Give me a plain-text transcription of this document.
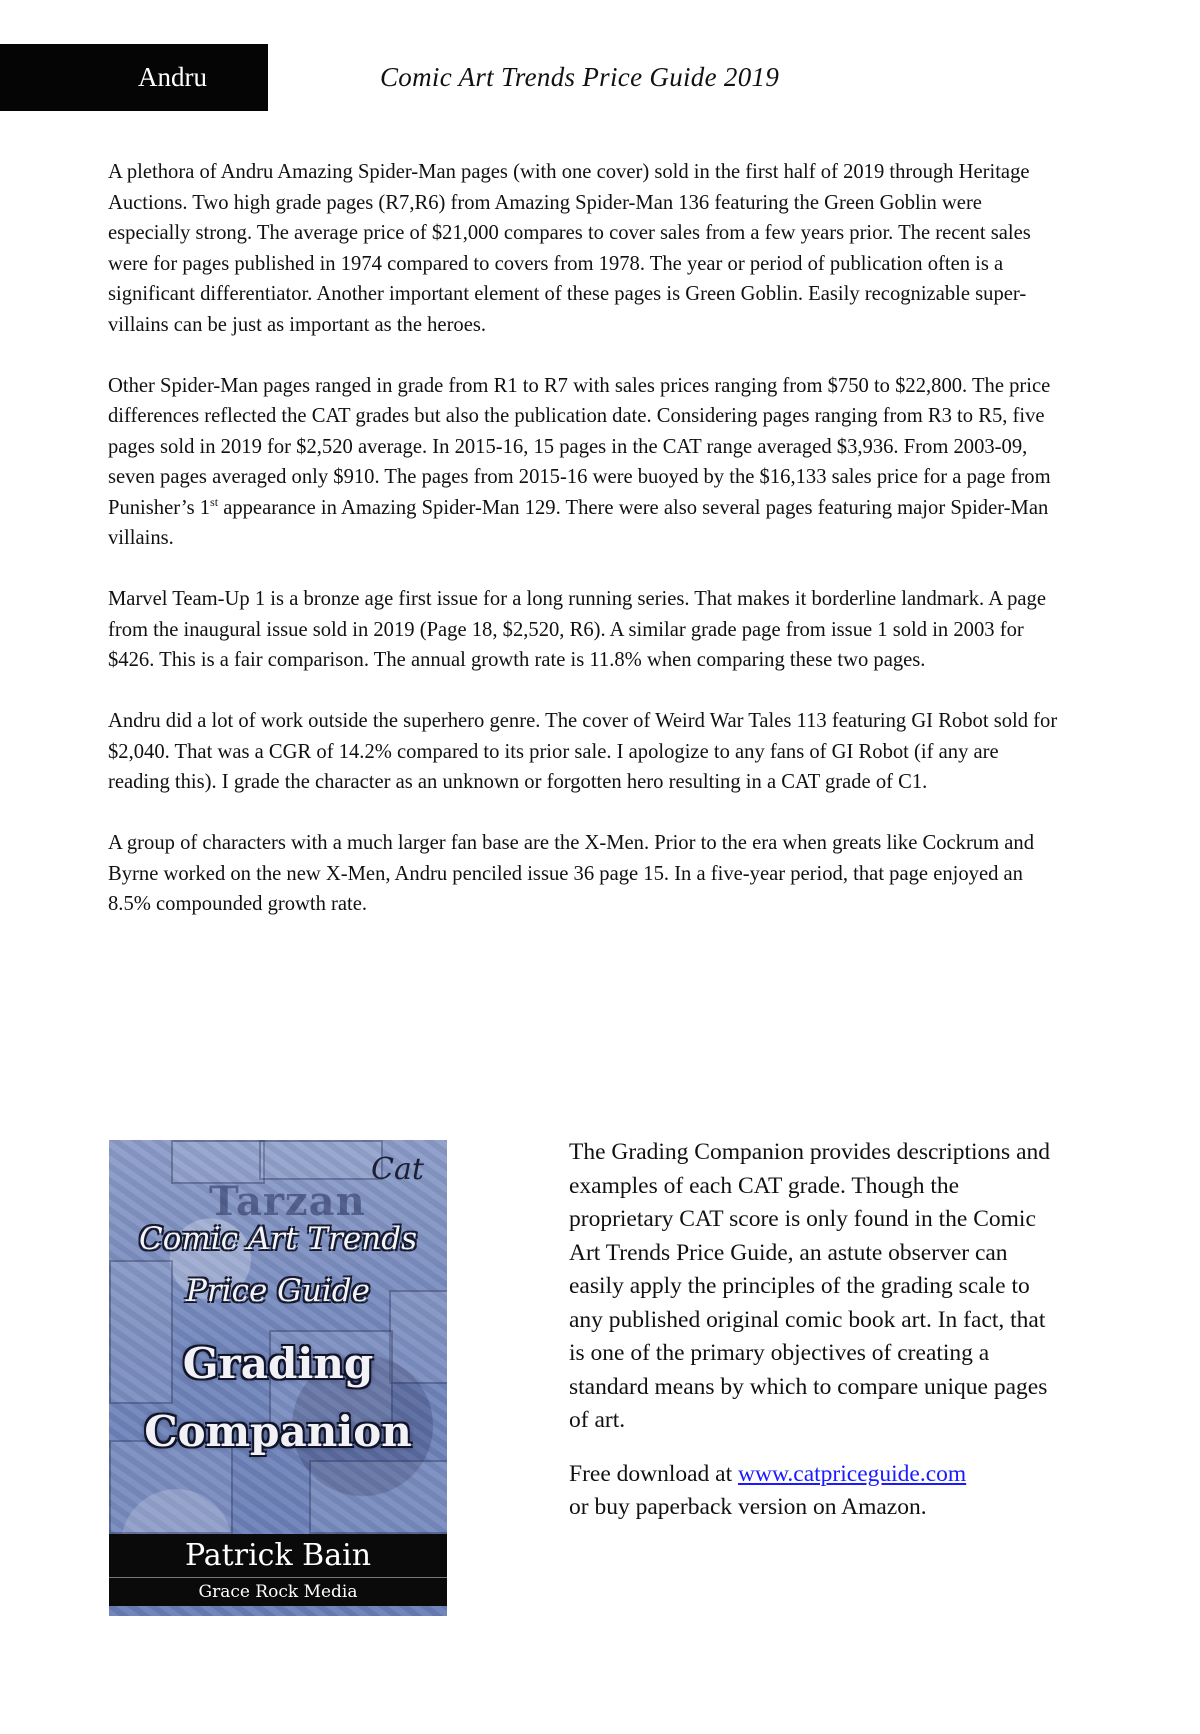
Andru	Comic Art Trends Price Guide 2019

A plethora of Andru Amazing Spider-Man pages (with one cover) sold in the first half of 2019 through Heritage Auctions. Two high grade pages (R7,R6) from Amazing Spider-Man 136 featuring the Green Goblin were especially strong. The average price of $21,000 compares to cover sales from a few years prior. The recent sales were for pages published in 1974 compared to covers from 1978. The year or period of publication often is a significant differentiator. Another important element of these pages is Green Goblin. Easily recognizable super-villains can be just as important as the heroes.

Other Spider-Man pages ranged in grade from R1 to R7 with sales prices ranging from $750 to $22,800. The price differences reflected the CAT grades but also the publication date. Considering pages ranging from R3 to R5, five pages sold in 2019 for $2,520 average. In 2015-16, 15 pages in the CAT range averaged $3,936. From 2003-09, seven pages averaged only $910. The pages from 2015-16 were buoyed by the $16,133 sales price for a page from Punisher’s 1st appearance in Amazing Spider-Man 129. There were also several pages featuring major Spider-Man villains.

Marvel Team-Up 1 is a bronze age first issue for a long running series. That makes it borderline landmark. A page from the inaugural issue sold in 2019 (Page 18, $2,520, R6). A similar grade page from issue 1 sold in 2003 for $426. This is a fair comparison. The annual growth rate is 11.8% when comparing these two pages.

Andru did a lot of work outside the superhero genre. The cover of Weird War Tales 113 featuring GI Robot sold for $2,040. That was a CGR of 14.2% compared to its prior sale. I apologize to any fans of GI Robot (if any are reading this). I grade the character as an unknown or forgotten hero resulting in a CAT grade of C1.

A group of characters with a much larger fan base are the X-Men. Prior to the era when greats like Cockrum and Byrne worked on the new X-Men, Andru penciled issue 36 page 15. In a five-year period, that page enjoyed an 8.5% compounded growth rate.

Tarzan
Cat
Comic Art Trends
Price Guide
Grading
Companion
Patrick Bain
Grace Rock Media

The Grading Companion provides descriptions and examples of each CAT grade. Though the proprietary CAT score is only found in the Comic Art Trends Price Guide, an astute observer can easily apply the principles of the grading scale to any published original comic book art. In fact, that is one of the primary objectives of creating a standard means by which to compare unique pages of art.

Free download at www.catpriceguide.com
or buy paperback version on Amazon.
